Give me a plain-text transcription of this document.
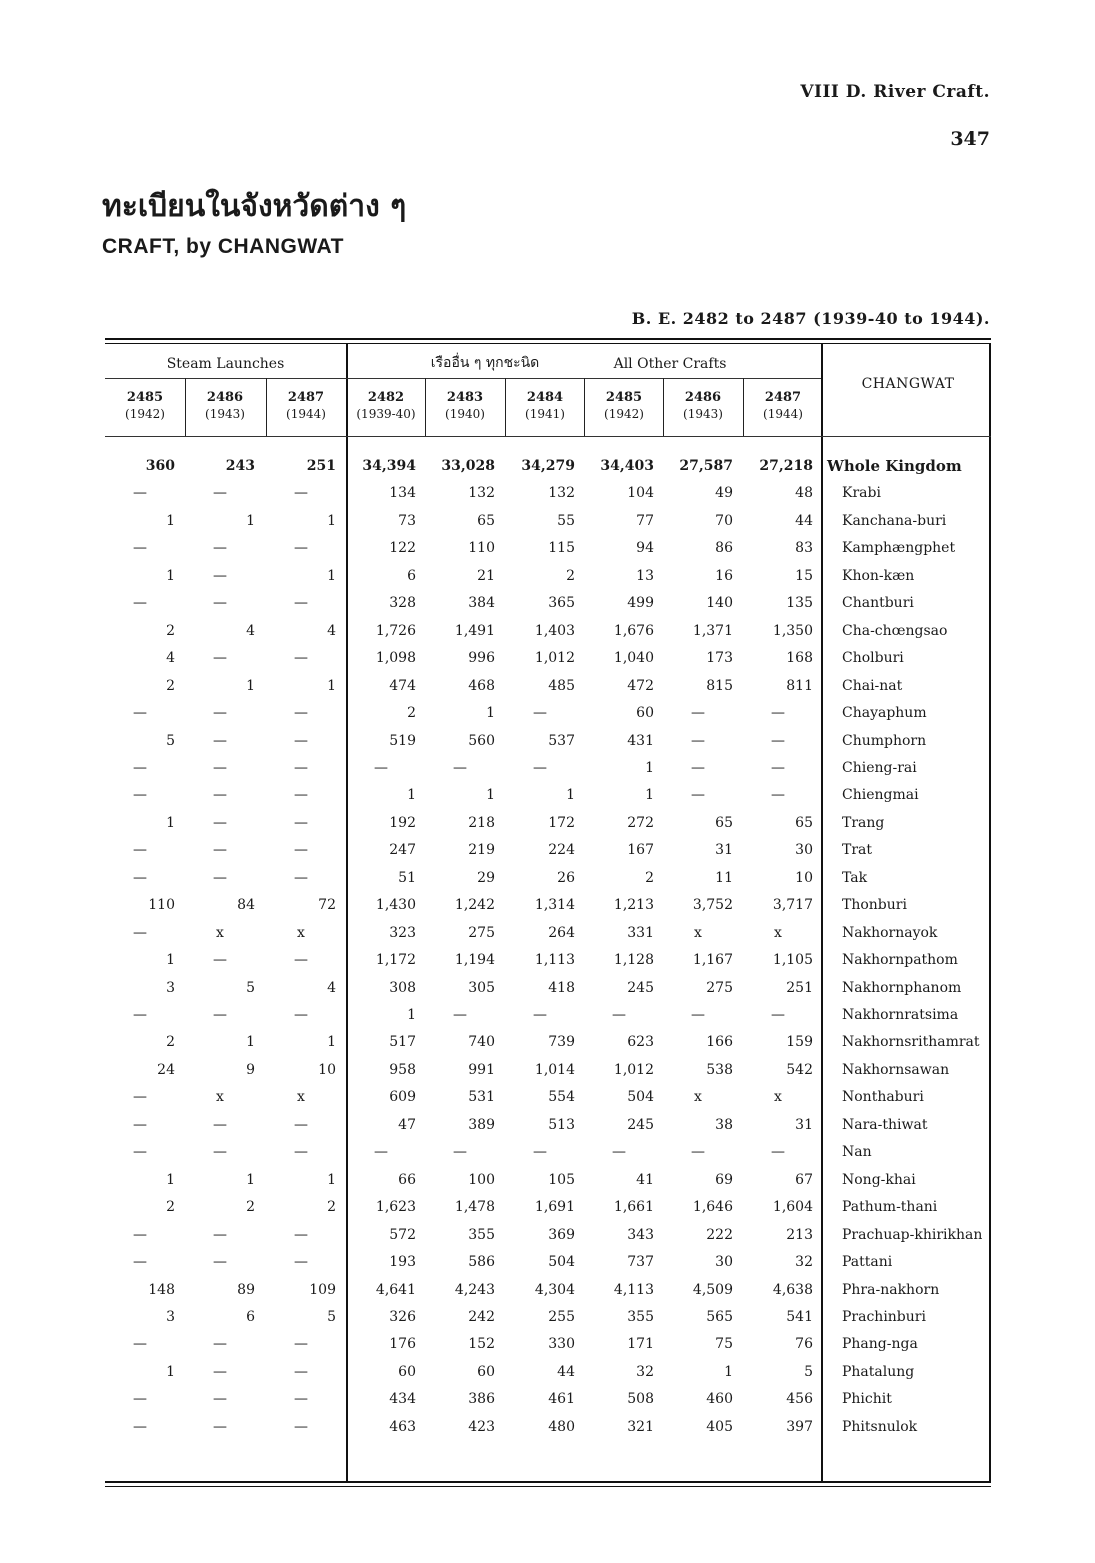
VIII D. River Craft.
347
ทะเบียนในจังหวัดต่าง ๆ
CRAFT, by CHANGWAT
B. E. 2482 to 2487 (1939-40 to 1944).
Steam Launches	เรืออื่น ๆ ทุกชะนิด	All Other Crafts
CHANGWAT
2485
(1942)
2486
(1943)
2487
(1944)
2482
(1939-40)
2483
(1940)
2484
(1941)
2485
(1942)
2486
(1943)
2487
(1944)
360	243	251	34,394	33,028	34,279	34,403	27,587	27,218 Whole Kingdom
—	—	—	134	132	132	104	49	48 Krabi
1	1	1	73	65	55	77	70	44 Kanchana-buri
—	—	—	122	110	115	94	86	83 Kamphængphet
1	—	1	6	21	2	13	16	15 Khon-kæn
—	—	—	328	384	365	499	140	135 Chantburi
2	4	4	1,726	1,491	1,403	1,676	1,371	1,350 Cha-chœngsao
4	—	—	1,098	996	1,012	1,040	173	168 Cholburi
2	1	1	474	468	485	472	815	811 Chai-nat
—	—	—	2	1	—	60	—	—	Chayaphum
5	—	—	519	560	537	431	—	—	Chumphorn
—	—	—	—	—	—	1	—	—	Chieng-rai
—	—	—	1	1	1	1	—	—	Chiengmai
1	—	—	192	218	172	272	65	65 Trang
—	—	—	247	219	224	167	31	30 Trat
—	—	—	51	29	26	2	11	10 Tak
110	84	72	1,430	1,242	1,314	1,213	3,752	3,717 Thonburi
—	x	x	323	275	264	331	x	x	Nakhornayok
1	—	—	1,172	1,194	1,113	1,128	1,167	1,105 Nakhornpathom
3	5	4	308	305	418	245	275	251 Nakhornphanom
—	—	—	1	—	—	—	—	—	Nakhornratsima
2	1	1	517	740	739	623	166	159 Nakhornsrithamrat
24	9	10	958	991	1,014	1,012	538	542 Nakhornsawan
—	x	x	609	531	554	504	x	x	Nonthaburi
—	—	—	47	389	513	245	38	31 Nara-thiwat
—	—	—	—	—	—	—	—	—	Nan
1	1	1	66	100	105	41	69	67 Nong-khai
2	2	2	1,623	1,478	1,691	1,661	1,646	1,604 Pathum-thani
—	—	—	572	355	369	343	222	213 Prachuap-khirikhan
—	—	—	193	586	504	737	30	32 Pattani
148	89	109	4,641	4,243	4,304	4,113	4,509	4,638 Phra-nakhorn
3	6	5	326	242	255	355	565	541 Prachinburi
—	—	—	176	152	330	171	75	76 Phang-nga
1	—	—	60	60	44	32	1	5 Phatalung
—	—	—	434	386	461	508	460	456 Phichit
—	—	—	463	423	480	321	405	397 Phitsnulok
